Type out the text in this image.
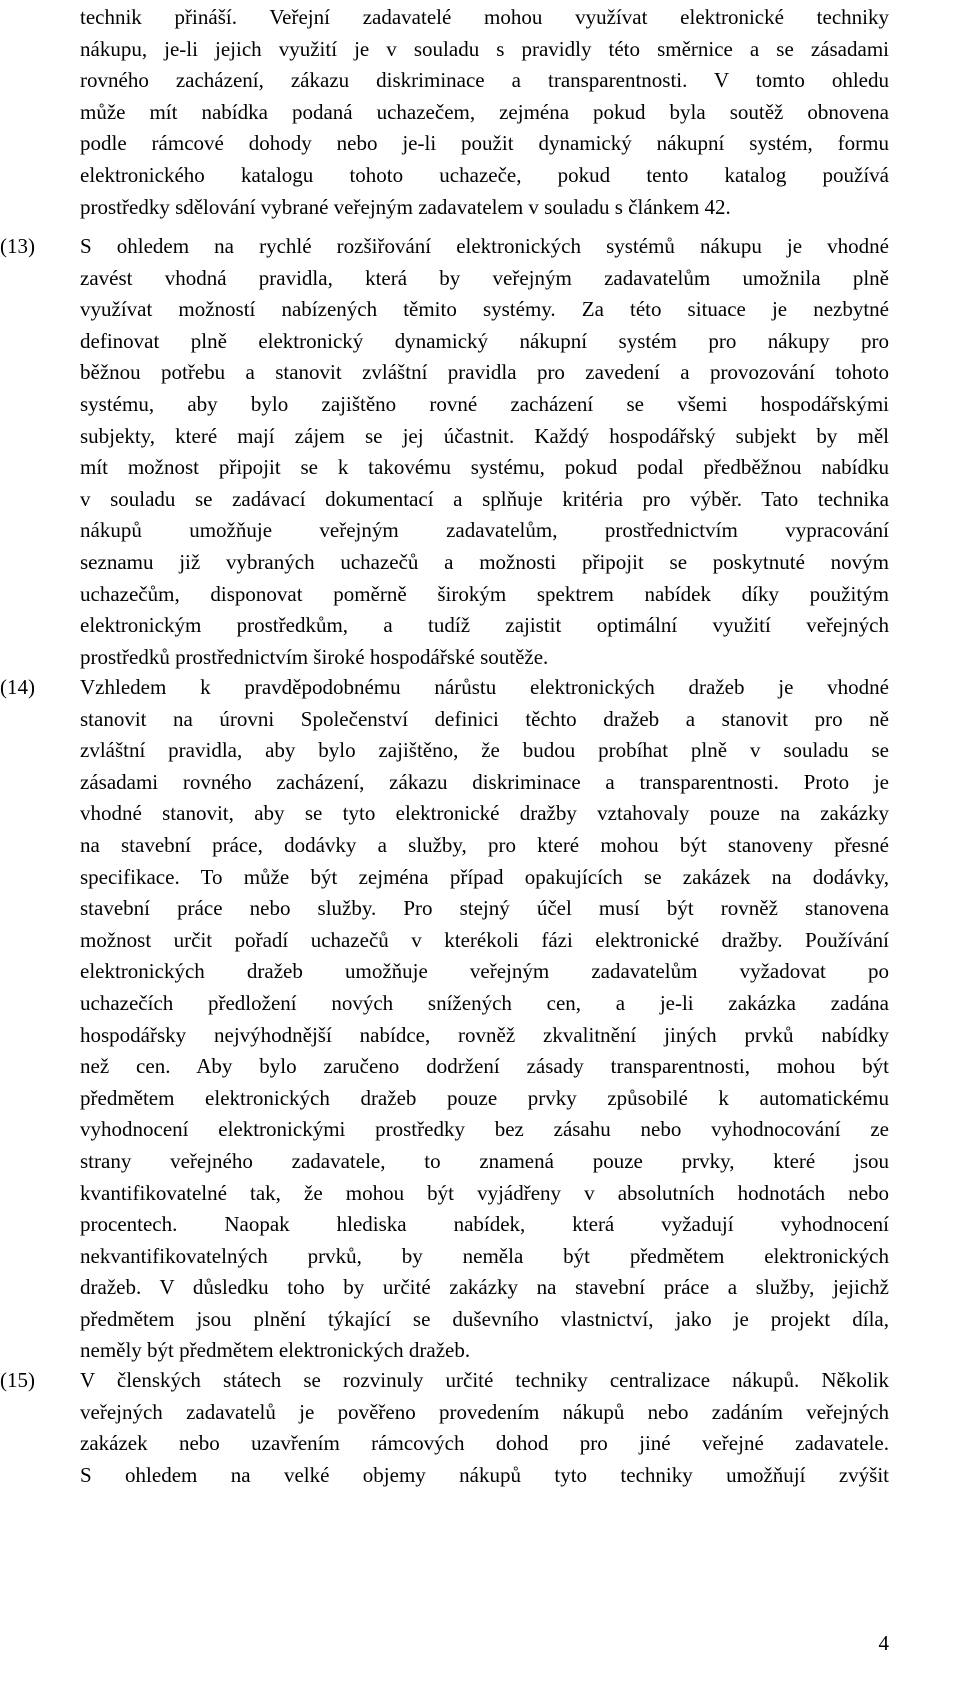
technik přináší. Veřejní zadavatelé mohou využívat elektronické techniky
nákupu, je-li jejich využití je v souladu s pravidly této směrnice a se zásadami
rovného zacházení, zákazu diskriminace a transparentnosti. V tomto ohledu
může mít nabídka podaná uchazečem, zejména pokud byla soutěž obnovena
podle rámcové dohody nebo je-li použit dynamický nákupní systém, formu
elektronického katalogu tohoto uchazeče, pokud tento katalog používá
prostředky sdělování vybrané veřejným zadavatelem v souladu s článkem 42.
(13) S ohledem na rychlé rozšiřování elektronických systémů nákupu je vhodné
zavést vhodná pravidla, která by veřejným zadavatelům umožnila plně
využívat možností nabízených těmito systémy. Za této situace je nezbytné
definovat plně elektronický dynamický nákupní systém pro nákupy pro
běžnou potřebu a stanovit zvláštní pravidla pro zavedení a provozování tohoto
systému, aby bylo zajištěno rovné zacházení se všemi hospodářskými
subjekty, které mají zájem se jej účastnit. Každý hospodářský subjekt by měl
mít možnost připojit se k takovému systému, pokud podal předběžnou nabídku
v souladu se zadávací dokumentací a splňuje kritéria pro výběr. Tato technika
nákupů umožňuje veřejným zadavatelům, prostřednictvím vypracování
seznamu již vybraných uchazečů a možnosti připojit se poskytnuté novým
uchazečům, disponovat poměrně širokým spektrem nabídek díky použitým
elektronickým prostředkům, a tudíž zajistit optimální využití veřejných
prostředků prostřednictvím široké hospodářské soutěže.
(14) Vzhledem k pravděpodobnému nárůstu elektronických dražeb je vhodné
stanovit na úrovni Společenství definici těchto dražeb a stanovit pro ně
zvláštní pravidla, aby bylo zajištěno, že budou probíhat plně v souladu se
zásadami rovného zacházení, zákazu diskriminace a transparentnosti. Proto je
vhodné stanovit, aby se tyto elektronické dražby vztahovaly pouze na zakázky
na stavební práce, dodávky a služby, pro které mohou být stanoveny přesné
specifikace. To může být zejména případ opakujících se zakázek na dodávky,
stavební práce nebo služby. Pro stejný účel musí být rovněž stanovena
možnost určit pořadí uchazečů v kterékoli fázi elektronické dražby. Používání
elektronických dražeb umožňuje veřejným zadavatelům vyžadovat po
uchazečích předložení nových snížených cen, a je-li zakázka zadána
hospodářsky nejvýhodnější nabídce, rovněž zkvalitnění jiných prvků nabídky
než cen. Aby bylo zaručeno dodržení zásady transparentnosti, mohou být
předmětem elektronických dražeb pouze prvky způsobilé k automatickému
vyhodnocení elektronickými prostředky bez zásahu nebo vyhodnocování ze
strany veřejného zadavatele, to znamená pouze prvky, které jsou
kvantifikovatelné tak, že mohou být vyjádřeny v absolutních hodnotách nebo
procentech. Naopak hlediska nabídek, která vyžadují vyhodnocení
nekvantifikovatelných prvků, by neměla být předmětem elektronických
dražeb. V důsledku toho by určité zakázky na stavební práce a služby, jejichž
předmětem jsou plnění týkající se duševního vlastnictví, jako je projekt díla,
neměly být předmětem elektronických dražeb.
(15) V členských státech se rozvinuly určité techniky centralizace nákupů. Několik
veřejných zadavatelů je pověřeno provedením nákupů nebo zadáním veřejných
zakázek nebo uzavřením rámcových dohod pro jiné veřejné zadavatele.
S ohledem na velké objemy nákupů tyto techniky umožňují zvýšit
4
